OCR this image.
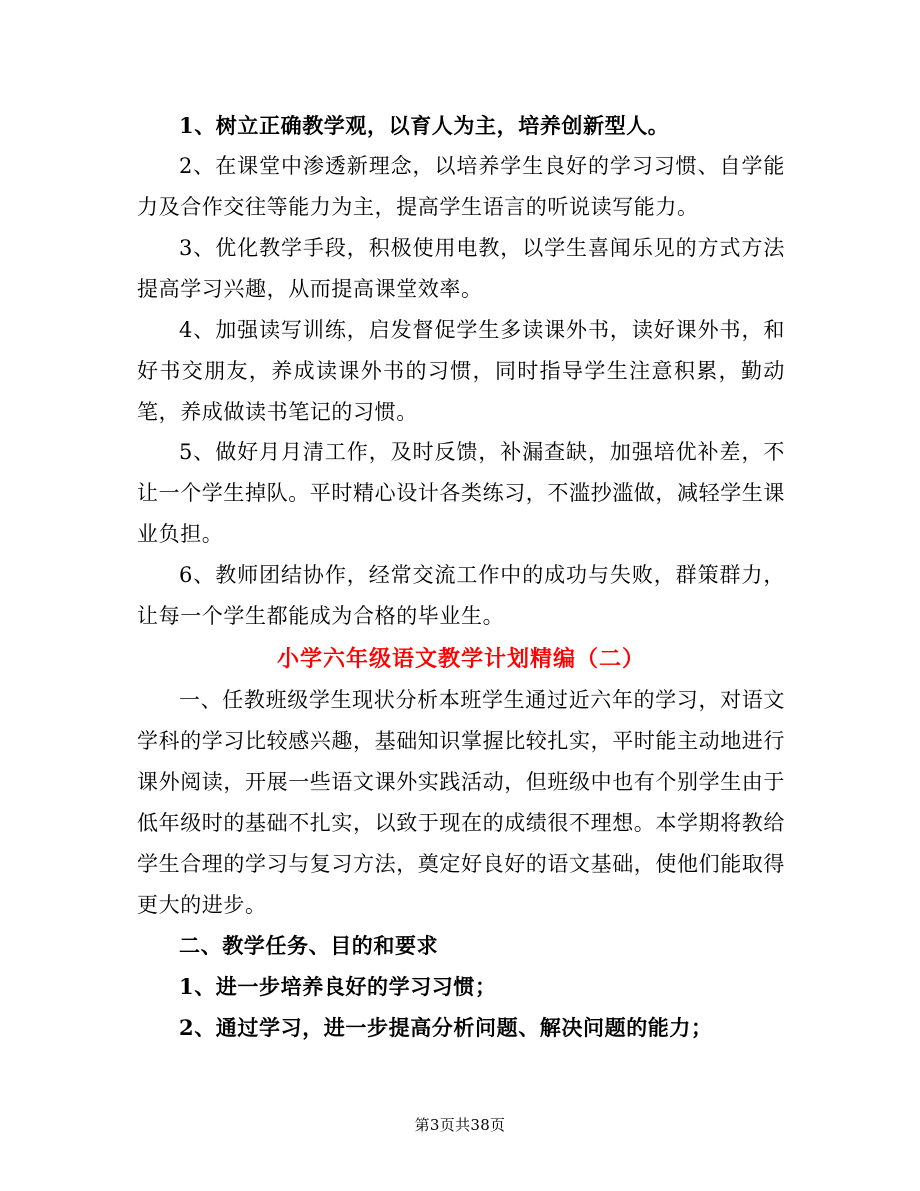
1、树立正确教学观，以育人为主，培养创新型人。

2、在课堂中渗透新理念，以培养学生良好的学习习惯、自学能力及合作交往等能力为主，提高学生语言的听说读写能力。

3、优化教学手段，积极使用电教，以学生喜闻乐见的方式方法提高学习兴趣，从而提高课堂效率。

4、加强读写训练，启发督促学生多读课外书，读好课外书，和好书交朋友，养成读课外书的习惯，同时指导学生注意积累，勤动笔，养成做读书笔记的习惯。

5、做好月月清工作，及时反馈，补漏查缺，加强培优补差，不让一个学生掉队。平时精心设计各类练习，不滥抄滥做，减轻学生课业负担。

6、教师团结协作，经常交流工作中的成功与失败，群策群力，让每一个学生都能成为合格的毕业生。

小学六年级语文教学计划精编（二）

一、任教班级学生现状分析本班学生通过近六年的学习，对语文学科的学习比较感兴趣，基础知识掌握比较扎实，平时能主动地进行课外阅读，开展一些语文课外实践活动，但班级中也有个别学生由于低年级时的基础不扎实，以致于现在的成绩很不理想。本学期将教给学生合理的学习与复习方法，奠定好良好的语文基础，使他们能取得更大的进步。

二、教学任务、目的和要求

1、进一步培养良好的学习习惯；

2、通过学习，进一步提高分析问题、解决问题的能力；

第3页共38页
